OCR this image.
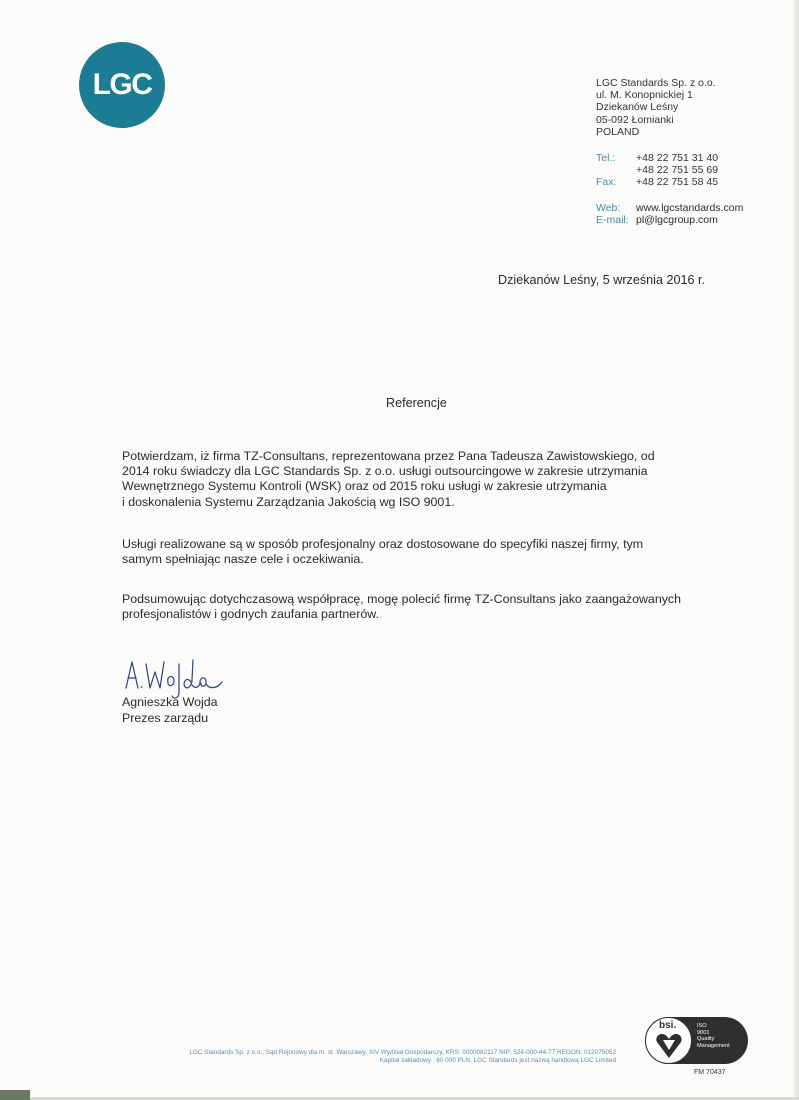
LGC	LGC Standards Sp. z o.o.
ul. M. Konopnickiej 1
Dziekanów Leśny
05-092 Łomianki
POLAND
Tel.:	+48 22 751 31 40
+48 22 751 55 69
Fax:	+48 22 751 58 45
Web:	www.lgcstandards.com
E-mail: pl@lgcgroup.com
Dziekanów Leśny, 5 września 2016 r.
Referencje
Potwierdzam, iż firma TZ-Consultans, reprezentowana przez Pana Tadeusza Zawistowskiego, od
2014 roku świadczy dla LGC Standards Sp. z o.o. usługi outsourcingowe w zakresie utrzymania
Wewnętrznego Systemu Kontroli (WSK) oraz od 2015 roku usługi w zakresie utrzymania
i doskonalenia Systemu Zarządzania Jakością wg ISO 9001.
Usługi realizowane są w sposób profesjonalny oraz dostosowane do specyfiki naszej firmy, tym
samym spełniając nasze cele i oczekiwania.
Podsumowując dotychczasową współpracę, mogę polecić firmę TZ-Consultans jako zaangażowanych
profesjonalistów i godnych zaufania partnerów.
Agnieszka Wojda
Prezes zarządu
LGC Standards Sp. z o.o., Sąd Rejonowy dla m. st. Warszawy, XIV Wydział Gospodarczy, KRS: 0000082117 NIP: 524-000-44-77 REGON: 012075052
Kapitał zakładowy : 60 000 PLN, LGC Standards jest nazwą handlową LGC Limited
bsi.	ISO
9001
Quality
Management
FM 70437
